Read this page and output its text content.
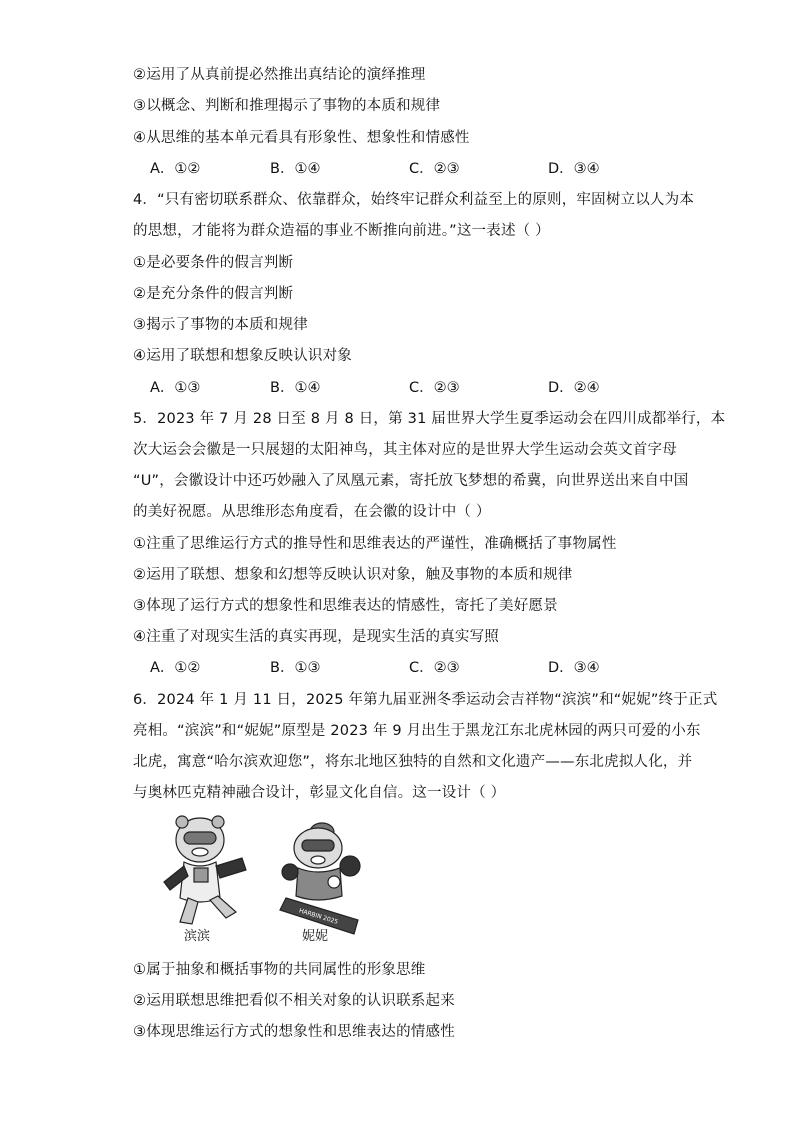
②运用了从真前提必然推出真结论的演绎推理
③以概念、判断和推理揭示了事物的本质和规律
④从思维的基本单元看具有形象性、想象性和情感性
A．①②	B．①④	C．②③	D．③④
4．“只有密切联系群众、依靠群众，始终牢记群众利益至上的原则，牢固树立以人为本
的思想，才能将为群众造福的事业不断推向前进。”这一表述（ ）
①是必要条件的假言判断
②是充分条件的假言判断
③揭示了事物的本质和规律
④运用了联想和想象反映认识对象
A．①③	B．①④	C．②③	D．②④
5．2023 年 7 月 28 日至 8 月 8 日，第 31 届世界大学生夏季运动会在四川成都举行，本
次大运会会徽是一只展翅的太阳神鸟，其主体对应的是世界大学生运动会英文首字母
“U”，会徽设计中还巧妙融入了凤凰元素，寄托放飞梦想的希冀，向世界送出来自中国
的美好祝愿。从思维形态角度看，在会徽的设计中（ ）
①注重了思维运行方式的推导性和思维表达的严谨性，准确概括了事物属性
②运用了联想、想象和幻想等反映认识对象，触及事物的本质和规律
③体现了运行方式的想象性和思维表达的情感性，寄托了美好愿景
④注重了对现实生活的真实再现，是现实生活的真实写照
A．①②	B．①③	C．②③	D．③④
6．2024 年 1 月 11 日，2025 年第九届亚洲冬季运动会吉祥物“滨滨”和“妮妮”终于正式
亮相。“滨滨”和“妮妮”原型是 2023 年 9 月出生于黑龙江东北虎林园的两只可爱的小东
北虎，寓意“哈尔滨欢迎您”，将东北地区独特的自然和文化遗产——东北虎拟人化，并
与奥林匹克精神融合设计，彰显文化自信。这一设计（ ）
HARBIN 2025
滨滨	妮妮
①属于抽象和概括事物的共同属性的形象思维
②运用联想思维把看似不相关对象的认识联系起来
③体现思维运行方式的想象性和思维表达的情感性
